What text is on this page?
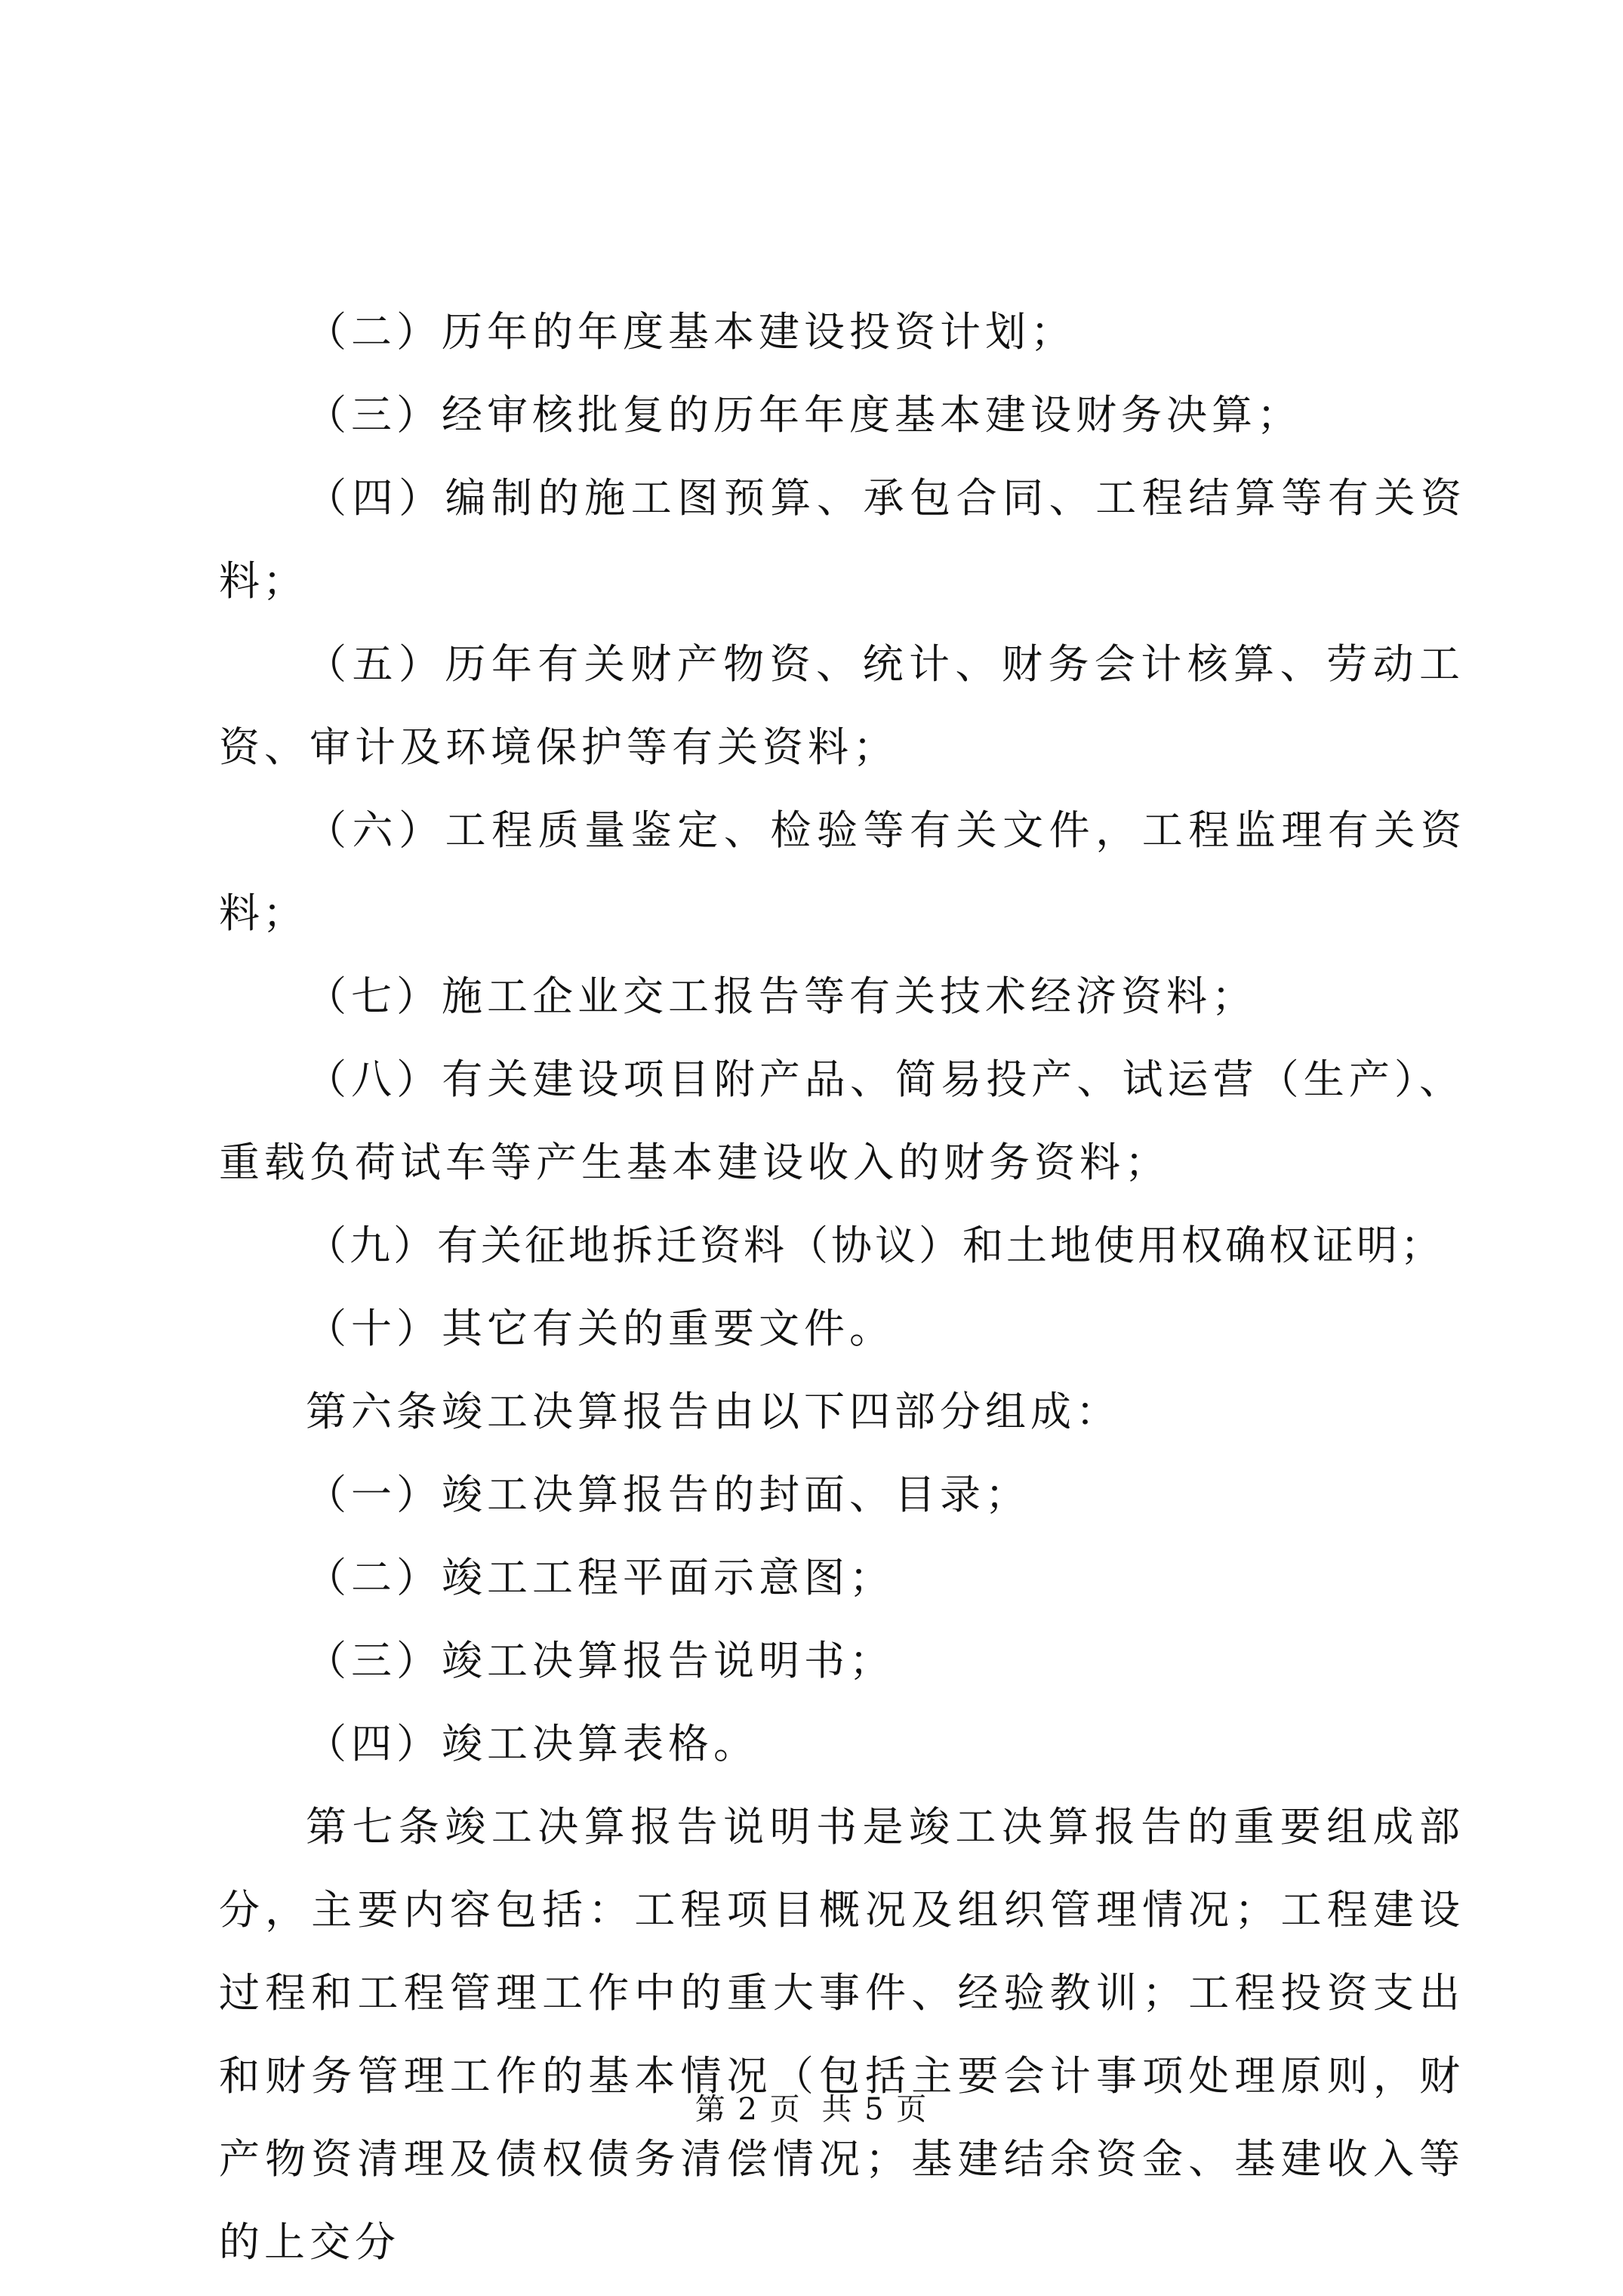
（二）历年的年度基本建设投资计划；

（三）经审核批复的历年年度基本建设财务决算；

（四）编制的施工图预算、承包合同、工程结算等有关资料；

（五）历年有关财产物资、统计、财务会计核算、劳动工资、审计及环境保护等有关资料；

（六）工程质量鉴定、检验等有关文件，工程监理有关资料；

（七）施工企业交工报告等有关技术经济资料；

（八）有关建设项目附产品、简易投产、试运营（生产）、重载负荷试车等产生基本建设收入的财务资料；

（九）有关征地拆迁资料（协议）和土地使用权确权证明；

（十）其它有关的重要文件。

第六条竣工决算报告由以下四部分组成：

（一）竣工决算报告的封面、目录；

（二）竣工工程平面示意图；

（三）竣工决算报告说明书；

（四）竣工决算表格。

第七条竣工决算报告说明书是竣工决算报告的重要组成部分，主要内容包括：工程项目概况及组织管理情况；工程建设过程和工程管理工作中的重大事件、经验教训；工程投资支出和财务管理工作的基本情况（包括主要会计事项处理原则，财产物资清理及债权债务清偿情况；基建结余资金、基建收入等的上交分

第 2 页 共 5 页
